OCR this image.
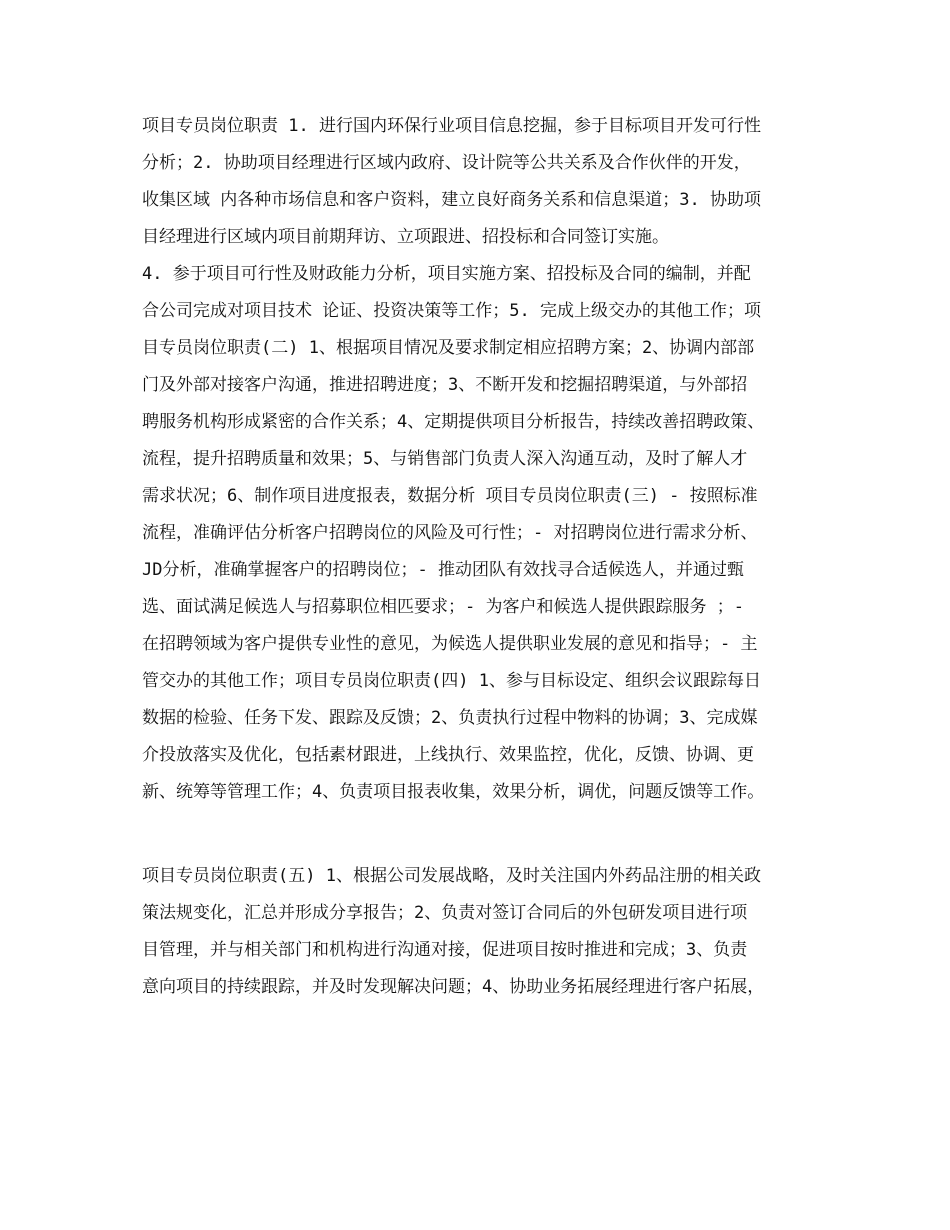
项目专员岗位职责 1. 进行国内环保行业项目信息挖掘，参于目标项目开发可行性
分析；2. 协助项目经理进行区域内政府、设计院等公共关系及合作伙伴的开发，
收集区域 内各种市场信息和客户资料，建立良好商务关系和信息渠道；3. 协助项
目经理进行区域内项目前期拜访、立项跟进、招投标和合同签订实施。
4. 参于项目可行性及财政能力分析，项目实施方案、招投标及合同的编制，并配
合公司完成对项目技术 论证、投资决策等工作；5. 完成上级交办的其他工作；项
目专员岗位职责(二) 1、根据项目情况及要求制定相应招聘方案；2、协调内部部
门及外部对接客户沟通，推进招聘进度；3、不断开发和挖掘招聘渠道，与外部招
聘服务机构形成紧密的合作关系；4、定期提供项目分析报告，持续改善招聘政策、
流程，提升招聘质量和效果；5、与销售部门负责人深入沟通互动，及时了解人才
需求状况；6、制作项目进度报表，数据分析 项目专员岗位职责(三) - 按照标准
流程，准确评估分析客户招聘岗位的风险及可行性；- 对招聘岗位进行需求分析、
JD分析，准确掌握客户的招聘岗位；- 推动团队有效找寻合适候选人，并通过甄
选、面试满足候选人与招募职位相匹要求；- 为客户和候选人提供跟踪服务 ；-
在招聘领域为客户提供专业性的意见，为候选人提供职业发展的意见和指导；- 主
管交办的其他工作；项目专员岗位职责(四) 1、参与目标设定、组织会议跟踪每日
数据的检验、任务下发、跟踪及反馈；2、负责执行过程中物料的协调；3、完成媒
介投放落实及优化，包括素材跟进，上线执行、效果监控，优化，反馈、协调、更
新、统筹等管理工作；4、负责项目报表收集，效果分析，调优，问题反馈等工作。
项目专员岗位职责(五) 1、根据公司发展战略，及时关注国内外药品注册的相关政
策法规变化，汇总并形成分享报告；2、负责对签订合同后的外包研发项目进行项
目管理，并与相关部门和机构进行沟通对接，促进项目按时推进和完成；3、负责
意向项目的持续跟踪，并及时发现解决问题；4、协助业务拓展经理进行客户拓展，
